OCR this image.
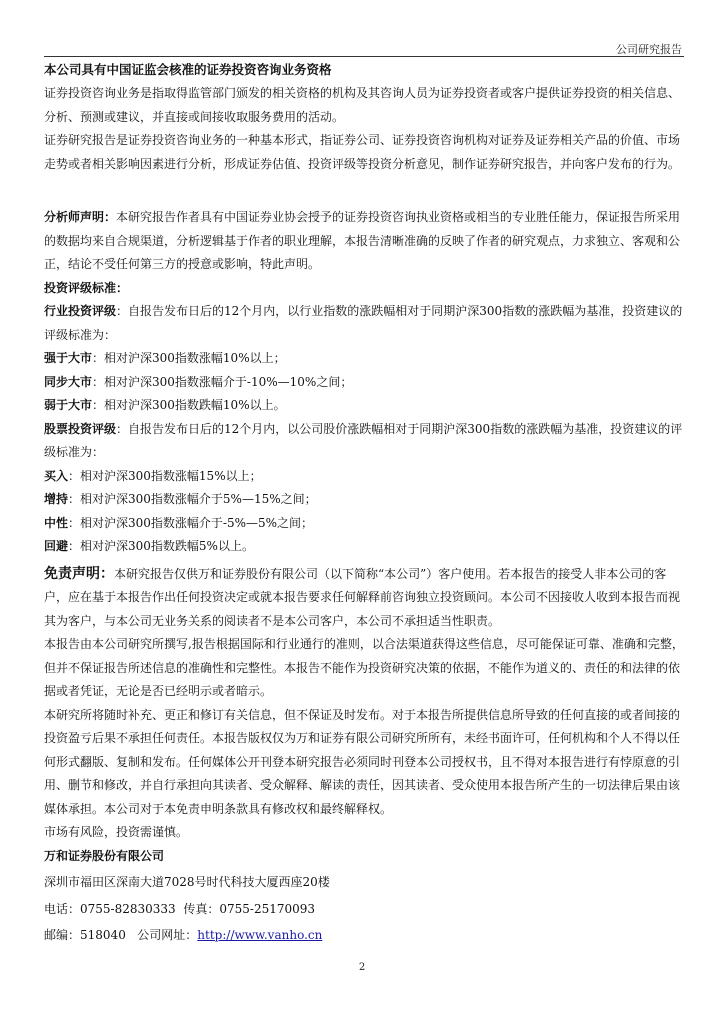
公司研究报告

本公司具有中国证监会核准的证券投资咨询业务资格

证券投资咨询业务是指取得监管部门颁发的相关资格的机构及其咨询人员为证券投资者或客户提供证券投资的相关信息、分析、预测或建议，并直接或间接收取服务费用的活动。

证券研究报告是证券投资咨询业务的一种基本形式，指证券公司、证券投资咨询机构对证券及证券相关产品的价值、市场走势或者相关影响因素进行分析，形成证券估值、投资评级等投资分析意见，制作证券研究报告，并向客户发布的行为。

分析师声明：本研究报告作者具有中国证券业协会授予的证券投资咨询执业资格或相当的专业胜任能力，保证报告所采用的数据均来自合规渠道，分析逻辑基于作者的职业理解，本报告清晰准确的反映了作者的研究观点，力求独立、客观和公正，结论不受任何第三方的授意或影响，特此声明。

投资评级标准：

行业投资评级：自报告发布日后的12个月内，以行业指数的涨跌幅相对于同期沪深300指数的涨跌幅为基准，投资建议的评级标准为：

强于大市：相对沪深300指数涨幅10%以上；

同步大市：相对沪深300指数涨幅介于-10%—10%之间；

弱于大市：相对沪深300指数跌幅10%以上。

股票投资评级：自报告发布日后的12个月内，以公司股价涨跌幅相对于同期沪深300指数的涨跌幅为基准，投资建议的评级标准为：

买入：相对沪深300指数涨幅15%以上；

增持：相对沪深300指数涨幅介于5%—15%之间；

中性：相对沪深300指数涨幅介于-5%—5%之间；

回避：相对沪深300指数跌幅5%以上。

免责声明：本研究报告仅供万和证券股份有限公司（以下简称“本公司”）客户使用。若本报告的接受人非本公司的客户，应在基于本报告作出任何投资决定或就本报告要求任何解释前咨询独立投资顾问。本公司不因接收人收到本报告而视其为客户，与本公司无业务关系的阅读者不是本公司客户，本公司不承担适当性职责。

本报告由本公司研究所撰写,报告根据国际和行业通行的准则，以合法渠道获得这些信息，尽可能保证可靠、准确和完整，但并不保证报告所述信息的准确性和完整性。本报告不能作为投资研究决策的依据，不能作为道义的、责任的和法律的依据或者凭证，无论是否已经明示或者暗示。

本研究所将随时补充、更正和修订有关信息，但不保证及时发布。对于本报告所提供信息所导致的任何直接的或者间接的投资盈亏后果不承担任何责任。本报告版权仅为万和证券有限公司研究所所有，未经书面许可，任何机构和个人不得以任何形式翻版、复制和发布。任何媒体公开刊登本研究报告必须同时刊登本公司授权书，且不得对本报告进行有悖原意的引用、删节和修改，并自行承担向其读者、受众解释、解读的责任，因其读者、受众使用本报告所产生的一切法律后果由该媒体承担。本公司对于本免责申明条款具有修改权和最终解释权。

市场有风险，投资需谨慎。

万和证券股份有限公司

深圳市福田区深南大道7028号时代科技大厦西座20楼

电话：0755-82830333 传真：0755-25170093

邮编：518040 公司网址：http://www.vanho.cn

2
